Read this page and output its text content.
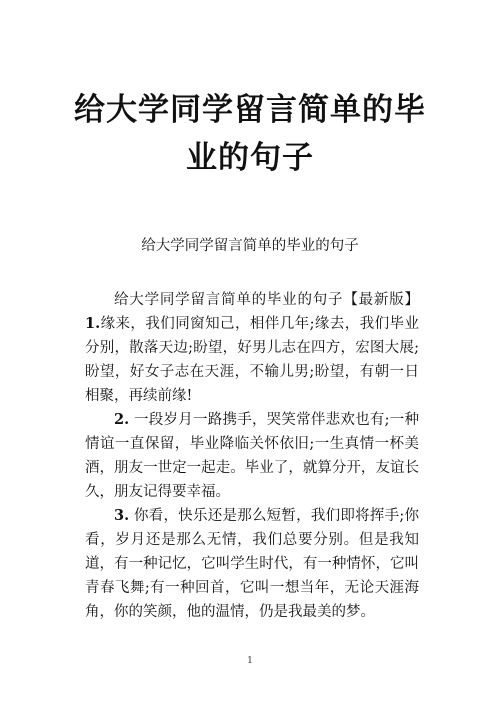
给大学同学留言简单的毕
业的句子

给大学同学留言简单的毕业的句子

给大学同学留言简单的毕业的句子【最新版】 1.缘来，我们同窗知己，相伴几年;缘去，我们毕业分别，散落天边;盼望，好男儿志在四方，宏图大展;盼望，好女子志在天涯，不输儿男;盼望，有朝一日相聚，再续前缘!

2. 一段岁月一路携手，哭笑常伴悲欢也有;一种情谊一直保留，毕业降临关怀依旧;一生真情一杯美酒，朋友一世定一起走。毕业了，就算分开，友谊长久，朋友记得要幸福。

3. 你看，快乐还是那么短暂，我们即将挥手;你看，岁月还是那么无情，我们总要分别。但是我知道，有一种记忆，它叫学生时代，有一种情怀，它叫青春飞舞;有一种回首，它叫一想当年，无论天涯海角，你的笑颜，他的温情，仍是我最美的梦。

1
